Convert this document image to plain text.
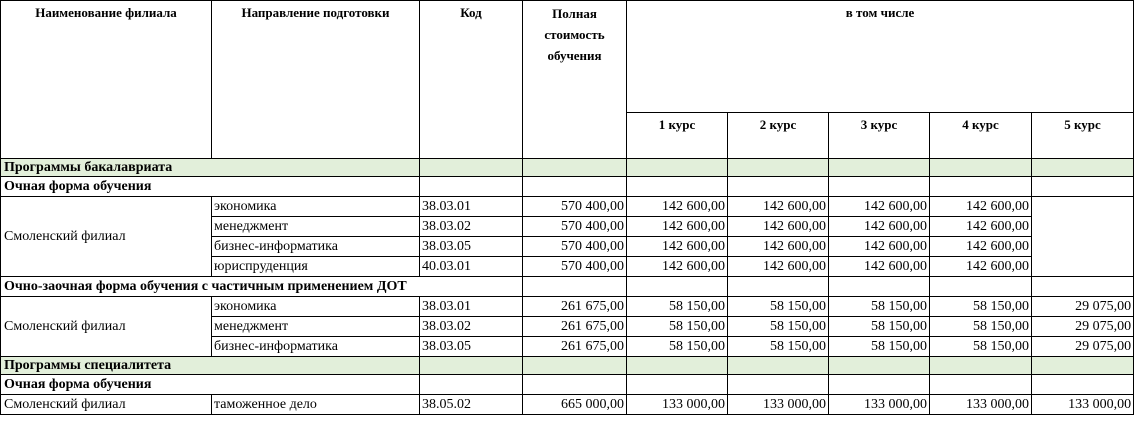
Наименование филиала	Направление подготовки	Код	Полная стоимость обучения	в том числе				
				1 курс	2 курс	3 курс	4 курс	5 курс
Программы бакалавриата								
Очная форма обучения								
Смоленский филиал	экономика	38.03.01	570 400,00	142 600,00	142 600,00	142 600,00	142 600,00	
	менеджмент	38.03.02	570 400,00	142 600,00	142 600,00	142 600,00	142 600,00	
	бизнес-информатика	38.03.05	570 400,00	142 600,00	142 600,00	142 600,00	142 600,00	
	юриспруденция	40.03.01	570 400,00	142 600,00	142 600,00	142 600,00	142 600,00	
Очно-заочная форма обучения с частичным применением ДОТ								
Смоленский филиал	экономика	38.03.01	261 675,00	58 150,00	58 150,00	58 150,00	58 150,00	29 075,00
	менеджмент	38.03.02	261 675,00	58 150,00	58 150,00	58 150,00	58 150,00	29 075,00
	бизнес-информатика	38.03.05	261 675,00	58 150,00	58 150,00	58 150,00	58 150,00	29 075,00
Программы специалитета								
Очная форма обучения								
Смоленский филиал	таможенное дело	38.05.02	665 000,00	133 000,00	133 000,00	133 000,00	133 000,00	133 000,00
